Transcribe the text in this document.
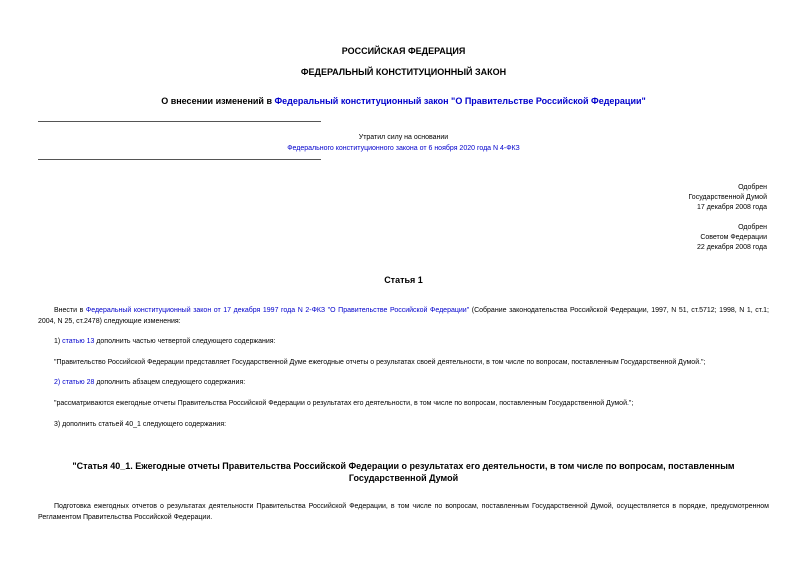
РОССИЙСКАЯ ФЕДЕРАЦИЯ
ФЕДЕРАЛЬНЫЙ КОНСТИТУЦИОННЫЙ ЗАКОН
О внесении изменений в Федеральный конституционный закон "О Правительстве Российской Федерации"
Утратил силу на основании
Федерального конституционного закона от 6 ноября 2020 года N 4-ФКЗ
Одобрен
Государственной Думой
17 декабря 2008 года
Одобрен
Советом Федерации
22 декабря 2008 года
Статья 1
Внести в Федеральный конституционный закон от 17 декабря 1997 года N 2-ФКЗ "О Правительстве Российской Федерации" (Собрание законодательства Российской Федерации, 1997, N 51, ст.5712; 1998, N 1, ст.1; 2004, N 25, ст.2478) следующие изменения:
1) статью 13 дополнить частью четвертой следующего содержания:
"Правительство Российской Федерации представляет Государственной Думе ежегодные отчеты о результатах своей деятельности, в том числе по вопросам, поставленным Государственной Думой.";
2) статью 28 дополнить абзацем следующего содержания:
"рассматриваются ежегодные отчеты Правительства Российской Федерации о результатах его деятельности, в том числе по вопросам, поставленным Государственной Думой.";
3) дополнить статьей 40_1 следующего содержания:
"Статья 40_1. Ежегодные отчеты Правительства Российской Федерации о результатах его деятельности, в том числе по вопросам, поставленным Государственной Думой
Подготовка ежегодных отчетов о результатах деятельности Правительства Российской Федерации, в том числе по вопросам, поставленным Государственной Думой, осуществляется в порядке, предусмотренном Регламентом Правительства Российской Федерации.
